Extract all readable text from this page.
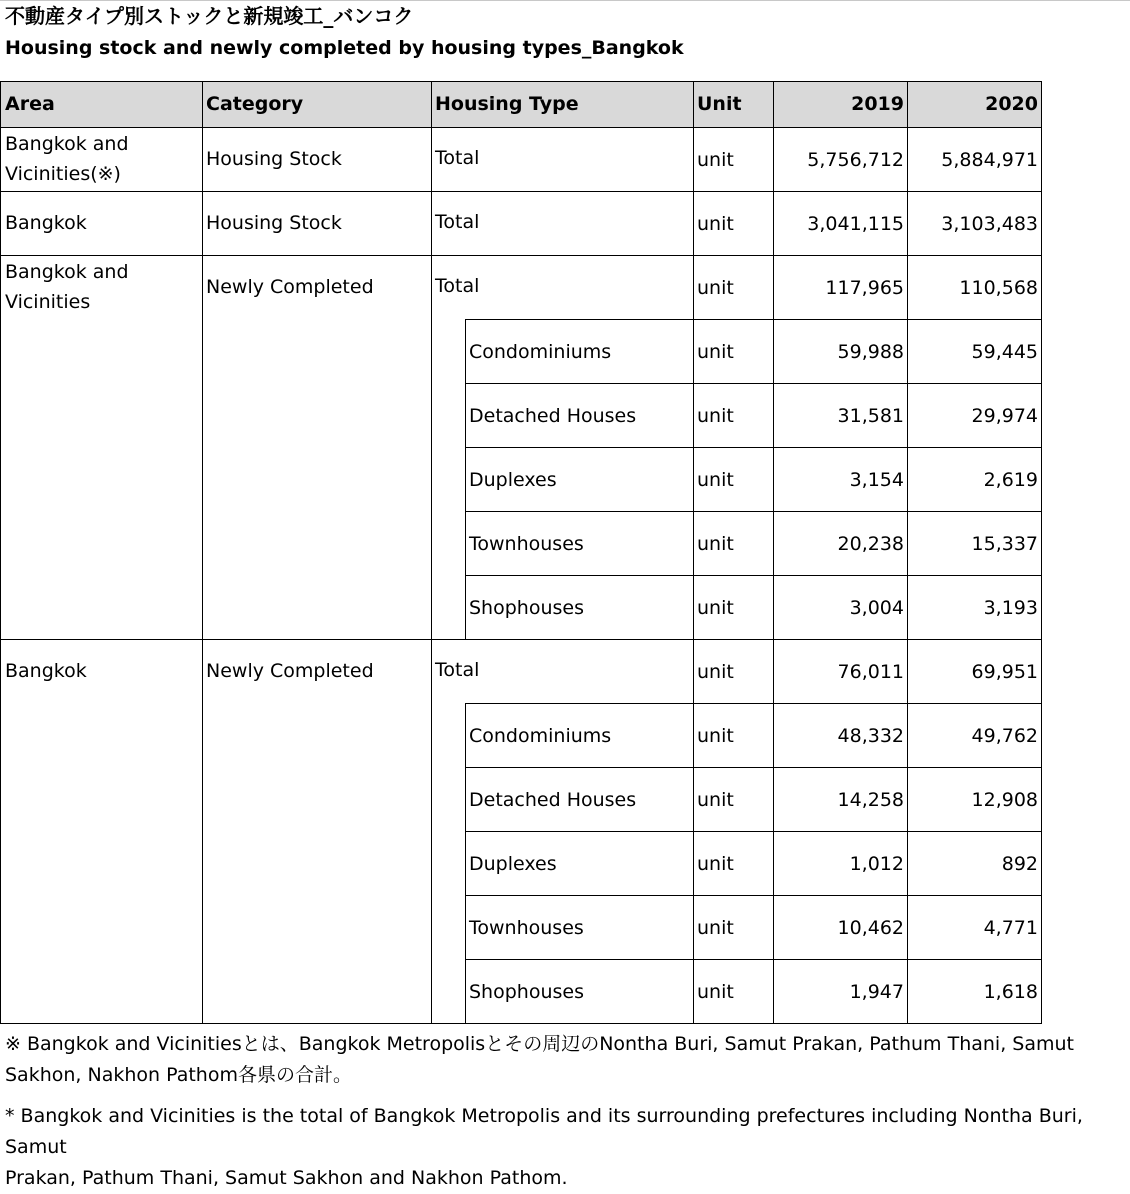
不動産タイプ別ストックと新規竣工_バンコク
Housing stock and newly completed by housing types_Bangkok
Area	Category	Housing Type	Unit	2019	2020
Bangkok and
Vicinities(※)
Housing Stock	Total	unit	5,756,712	5,884,971
Bangkok	Housing Stock	Total	unit	3,041,115	3,103,483
Bangkok and
Vicinities
Newly Completed	Total	unit	117,965	110,568
Condominiums	unit	59,988	59,445
Detached Houses	unit	31,581	29,974
Duplexes	unit	3,154	2,619
Townhouses	unit	20,238	15,337
Shophouses	unit	3,004	3,193
Bangkok	Newly Completed	Total	unit	76,011	69,951
Condominiums	unit	48,332	49,762
Detached Houses	unit	14,258	12,908
Duplexes	unit	1,012	892
Townhouses	unit	10,462	4,771
Shophouses	unit	1,947	1,618
※ Bangkok and Vicinitiesとは、Bangkok Metropolisとその周辺のNontha Buri, Samut Prakan, Pathum Thani, Samut
Sakhon, Nakhon Pathom各県の合計。
* Bangkok and Vicinities is the total of Bangkok Metropolis and its surrounding prefectures including Nontha Buri, Samut
Prakan, Pathum Thani, Samut Sakhon and Nakhon Pathom.
